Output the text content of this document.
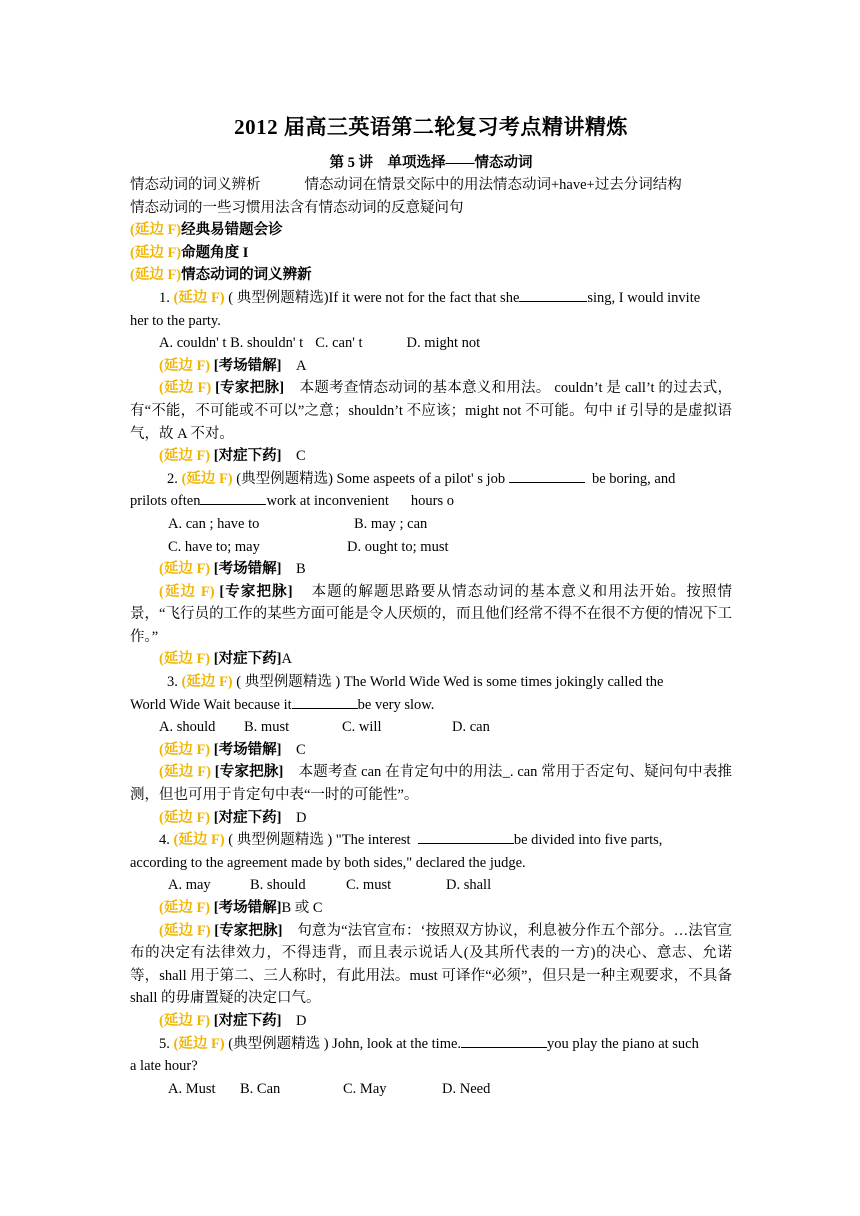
2012 届高三英语第二轮复习考点精讲精炼
第 5 讲　单项选择——情态动词
情态动词的词义辨析	情态动词在情景交际中的用法情态动词+have+过去分词结构
情态动词的一些习惯用法含有情态动词的反意疑问句
(延边 F)经典易错题会诊
(延边 F)命题角度 I
(延边 F)情态动词的词义辨新
1. (延边 F) ( 典型例题精选)If it were not for the fact that she	sing, I would invite
her to the party.
A. couldn' t B. shouldn' t C. can' t	D. might not
(延边 F) [考场错解] A
(延边 F) [专家把脉] 本题考查情态动词的基本意义和用法。 couldn’t 是 call’t 的过去式，有“不能，不可能或不可以”之意；shouldn’t 不应该；might not 不可能。句中 if 引导的是虚拟语气，故 A 不对。
(延边 F) [对症下药] C
2. (延边 F) (典型例题精选) Some aspeets of a pilot' s job	be boring, and
prilots often	work at inconvenient hours o
A. can ; have to	B. may ; can
C. have to; may	D. ought to; must
(延边 F) [考场错解] B
(延边 F) [专家把脉] 本题的解题思路要从情态动词的基本意义和用法开始。按照情景，“飞行员的工作的某些方面可能是令人厌烦的，而且他们经常不得不在很不方便的情况下工作。”
(延边 F) [对症下药]A
3. (延边 F) ( 典型例题精选 ) The World Wide Wed is some times jokingly called the
World Wide Wait because it	be very slow.
A. should B. must	C. will	D. can
(延边 F) [考场错解] C
(延边 F) [专家把脉] 本题考查 can 在肯定句中的用法_. can 常用于否定句、疑问句中表推测，但也可用于肯定句中表“一时的可能性”。
(延边 F) [对症下药] D
4. (延边 F) ( 典型例题精选 ) "The interest	be divided into five parts,
according to the agreement made by both sides," declared the judge.
A. may	B. should	C. must	D. shall
(延边 F) [考场错解]B 或 C
(延边 F) [专家把脉] 句意为“法官宣布：‘按照双方协议，利息被分作五个部分。…法官宣布的决定有法律效力，不得违背，而且表示说话人(及其所代表的一方)的决心、意志、允诺等，shall 用于第二、三人称时，有此用法。must 可译作“必须”，但只是一种主观要求，不具备 shall 的毋庸置疑的决定口气。
(延边 F) [对症下药] D
5. (延边 F) (典型例题精选 ) John, look at the time.	you play the piano at such
a late hour?
A. Must B. Can	C. May	D. Need
